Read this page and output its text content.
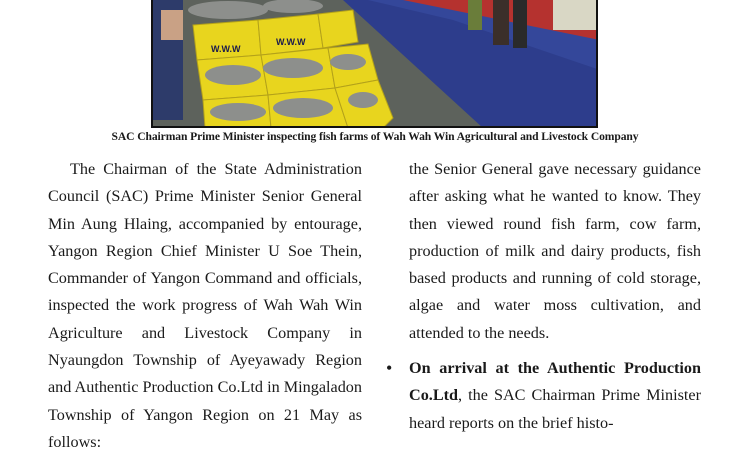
W.W.W
W.W.W
SAC Chairman Prime Minister inspecting fish farms of Wah Wah Win Agricultural and Livestock Company

The Chairman of the State Administration Council (SAC) Prime Minister Senior General Min Aung Hlaing, accompanied by entourage, Yangon Region Chief Minister U Soe Thein, Commander of Yangon Command and officials, inspected the work progress of Wah Wah Win Agriculture and Livestock Company in Nyaungdon Township of Ayeyawady Region and Authentic Production Co.Ltd in Mingaladon Township of Yangon Region on 21 May as follows:

the Senior General gave necessary guidance after asking what he wanted to know. They then viewed round fish farm, cow farm, production of milk and dairy products, fish based products and running of cold storage, algae and water moss cultivation, and attended to the needs.

• On arrival at the Authentic Production Co.Ltd, the SAC Chairman Prime Minister heard reports on the brief histo-
